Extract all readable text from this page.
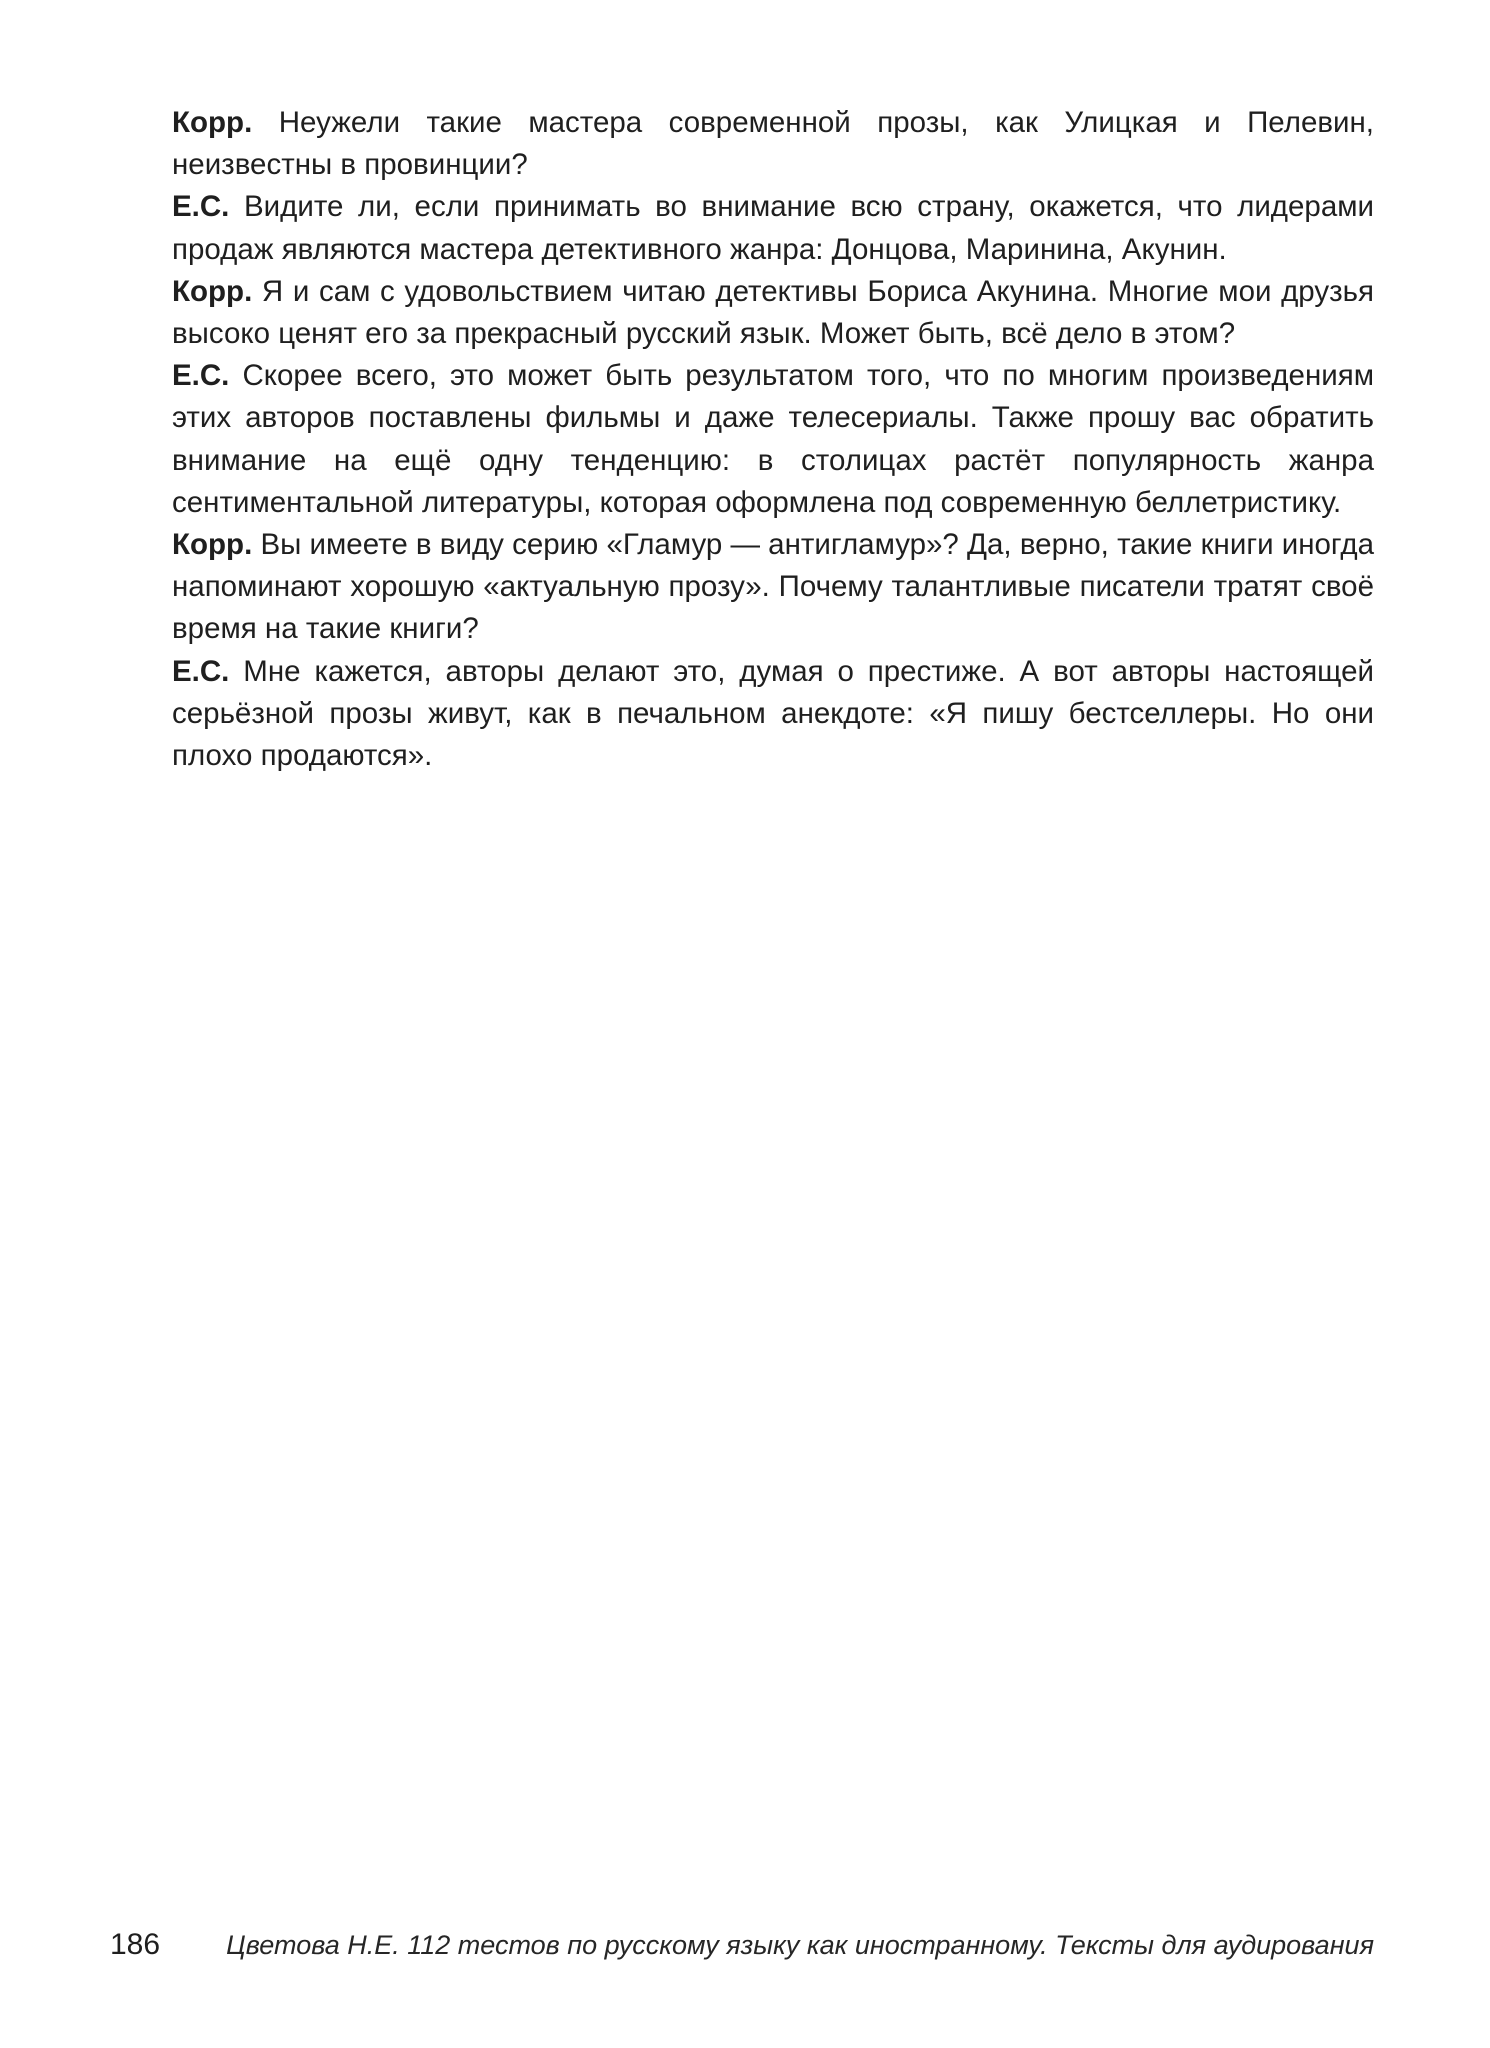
Корр. Неужели такие мастера современной прозы, как Улицкая и Пелевин, неизвестны в провинции?

Е.С. Видите ли, если принимать во внимание всю страну, окажется, что лидерами продаж являются мастера детективного жанра: Донцова, Маринина, Акунин.

Корр. Я и сам с удовольствием читаю детективы Бориса Акунина. Многие мои друзья высоко ценят его за прекрасный русский язык. Может быть, всё дело в этом?

Е.С. Скорее всего, это может быть результатом того, что по многим произведениям этих авторов поставлены фильмы и даже телесериалы. Также прошу вас обратить внимание на ещё одну тенденцию: в столицах растёт популярность жанра сентиментальной литературы, которая оформлена под современную беллетристику.

Корр. Вы имеете в виду серию «Гламур — антигламур»? Да, верно, такие книги иногда напоминают хорошую «актуальную прозу». Почему талантливые писатели тратят своё время на такие книги?

Е.С. Мне кажется, авторы делают это, думая о престиже. А вот авторы настоящей серьёзной прозы живут, как в печальном анекдоте: «Я пишу бестселлеры. Но они плохо продаются».

186 Цветова Н.Е. 112 тестов по русскому языку как иностранному. Тексты для аудирования
